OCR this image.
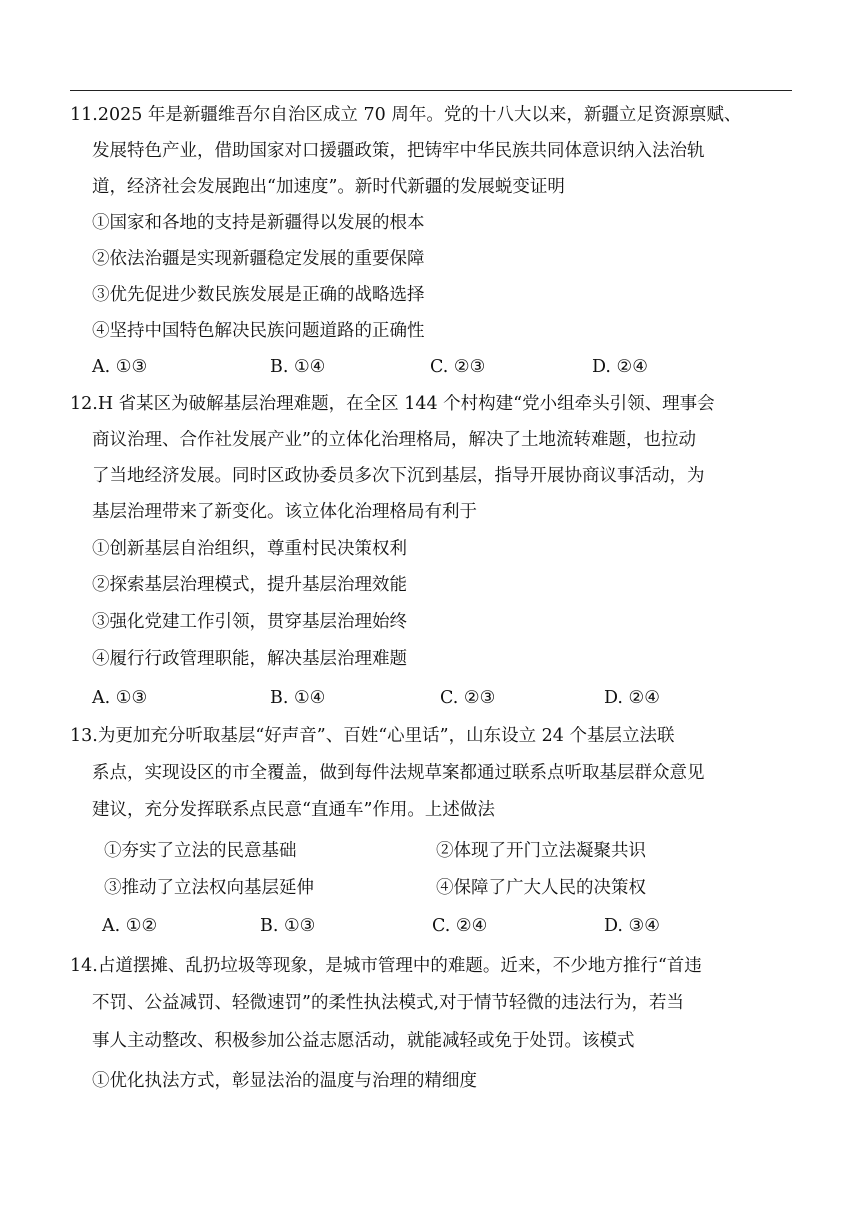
11.2025 年是新疆维吾尔自治区成立 70 周年。党的十八大以来，新疆立足资源禀赋、
发展特色产业，借助国家对口援疆政策，把铸牢中华民族共同体意识纳入法治轨
道，经济社会发展跑出“加速度”。新时代新疆的发展蜕变证明
①国家和各地的支持是新疆得以发展的根本
②依法治疆是实现新疆稳定发展的重要保障
③优先促进少数民族发展是正确的战略选择
④坚持中国特色解决民族问题道路的正确性
A. ①③	B. ①④	C. ②③	D. ②④
12.H 省某区为破解基层治理难题，在全区 144 个村构建“党小组牵头引领、理事会
商议治理、合作社发展产业”的立体化治理格局，解决了土地流转难题，也拉动
了当地经济发展。同时区政协委员多次下沉到基层，指导开展协商议事活动，为
基层治理带来了新变化。该立体化治理格局有利于
①创新基层自治组织，尊重村民决策权利
②探索基层治理模式，提升基层治理效能
③强化党建工作引领，贯穿基层治理始终
④履行行政管理职能，解决基层治理难题
A. ①③	B. ①④	C. ②③	D. ②④
13.为更加充分听取基层“好声音”、百姓“心里话”，山东设立 24 个基层立法联
系点，实现设区的市全覆盖，做到每件法规草案都通过联系点听取基层群众意见
建议，充分发挥联系点民意“直通车”作用。上述做法
①夯实了立法的民意基础	②体现了开门立法凝聚共识
③推动了立法权向基层延伸	④保障了广大人民的决策权
A. ①②	B. ①③	C. ②④	D. ③④
14.占道摆摊、乱扔垃圾等现象，是城市管理中的难题。近来，不少地方推行“首违
不罚、公益减罚、轻微速罚”的柔性执法模式,对于情节轻微的违法行为，若当
事人主动整改、积极参加公益志愿活动，就能减轻或免于处罚。该模式
①优化执法方式，彰显法治的温度与治理的精细度
